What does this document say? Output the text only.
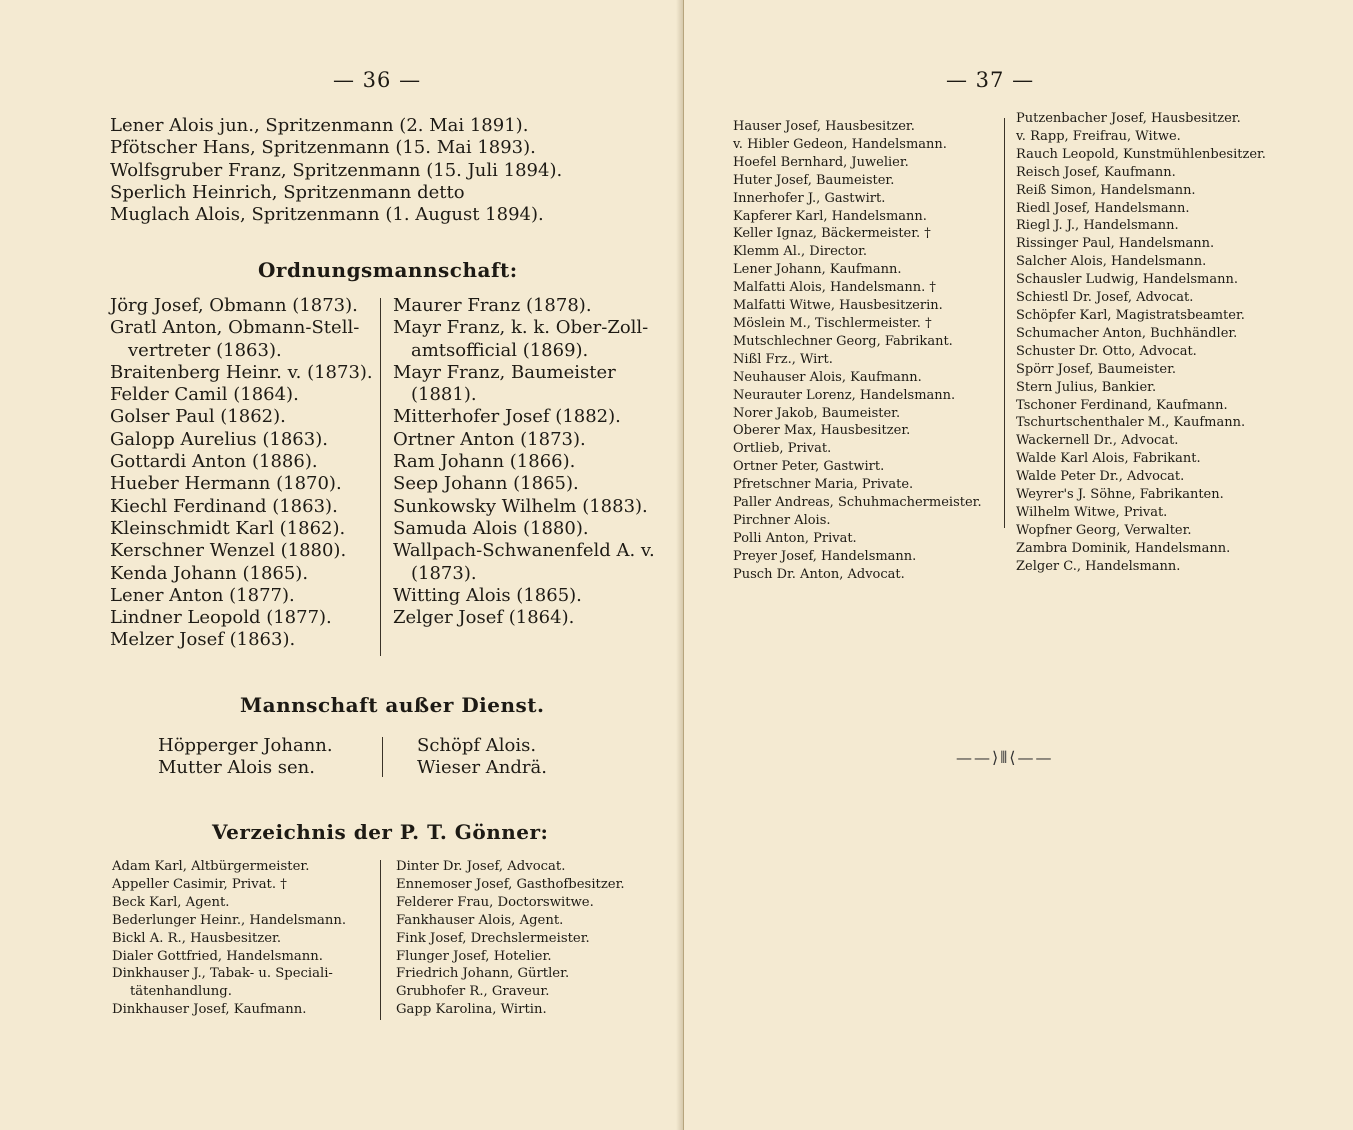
— 36 —
Lener Alois jun., Spritzenmann (2. Mai 1891).
Pfötscher Hans, Spritzenmann (15. Mai 1893).
Wolfsgruber Franz, Spritzenmann (15. Juli 1894).
Sperlich Heinrich, Spritzenmann detto
Muglach Alois, Spritzenmann (1. August 1894).
Ordnungsmannschaft:
Jörg Josef, Obmann (1873).
Gratl Anton, Obmann-Stell-
vertreter (1863).
Braitenberg Heinr. v. (1873).
Felder Camil (1864).
Golser Paul (1862).
Galopp Aurelius (1863).
Gottardi Anton (1886).
Hueber Hermann (1870).
Kiechl Ferdinand (1863).
Kleinschmidt Karl (1862).
Kerschner Wenzel (1880).
Kenda Johann (1865).
Lener Anton (1877).
Lindner Leopold (1877).
Melzer Josef (1863).
Maurer Franz (1878).
Mayr Franz, k. k. Ober-Zoll-
amtsofficial (1869).
Mayr Franz, Baumeister
(1881).
Mitterhofer Josef (1882).
Ortner Anton (1873).
Ram Johann (1866).
Seep Johann (1865).
Sunkowsky Wilhelm (1883).
Samuda Alois (1880).
Wallpach-Schwanenfeld A. v.
(1873).
Witting Alois (1865).
Zelger Josef (1864).
Mannschaft außer Dienst.
Höpperger Johann.
Mutter Alois sen.
Schöpf Alois.
Wieser Andrä.
Verzeichnis der P. T. Gönner:
Adam Karl, Altbürgermeister.
Appeller Casimir, Privat. †
Beck Karl, Agent.
Bederlunger Heinr., Handelsmann.
Bickl A. R., Hausbesitzer.
Dialer Gottfried, Handelsmann.
Dinkhauser J., Tabak- u. Speciali-
tätenhandlung.
Dinkhauser Josef, Kaufmann.
Dinter Dr. Josef, Advocat.
Ennemoser Josef, Gasthofbesitzer.
Felderer Frau, Doctorswitwe.
Fankhauser Alois, Agent.
Fink Josef, Drechslermeister.
Flunger Josef, Hotelier.
Friedrich Johann, Gürtler.
Grubhofer R., Graveur.
Gapp Karolina, Wirtin.
— 37 —
Hauser Josef, Hausbesitzer.
v. Hibler Gedeon, Handelsmann.
Hoefel Bernhard, Juwelier.
Huter Josef, Baumeister.
Innerhofer J., Gastwirt.
Kapferer Karl, Handelsmann.
Keller Ignaz, Bäckermeister. †
Klemm Al., Director.
Lener Johann, Kaufmann.
Malfatti Alois, Handelsmann. †
Malfatti Witwe, Hausbesitzerin.
Möslein M., Tischlermeister. †
Mutschlechner Georg, Fabrikant.
Nißl Frz., Wirt.
Neuhauser Alois, Kaufmann.
Neurauter Lorenz, Handelsmann.
Norer Jakob, Baumeister.
Oberer Max, Hausbesitzer.
Ortlieb, Privat.
Ortner Peter, Gastwirt.
Pfretschner Maria, Private.
Paller Andreas, Schuhmachermeister.
Pirchner Alois.
Polli Anton, Privat.
Preyer Josef, Handelsmann.
Pusch Dr. Anton, Advocat.
Putzenbacher Josef, Hausbesitzer.
v. Rapp, Freifrau, Witwe.
Rauch Leopold, Kunstmühlenbesitzer.
Reisch Josef, Kaufmann.
Reiß Simon, Handelsmann.
Riedl Josef, Handelsmann.
Riegl J. J., Handelsmann.
Rissinger Paul, Handelsmann.
Salcher Alois, Handelsmann.
Schausler Ludwig, Handelsmann.
Schiestl Dr. Josef, Advocat.
Schöpfer Karl, Magistratsbeamter.
Schumacher Anton, Buchhändler.
Schuster Dr. Otto, Advocat.
Spörr Josef, Baumeister.
Stern Julius, Bankier.
Tschoner Ferdinand, Kaufmann.
Tschurtschenthaler M., Kaufmann.
Wackernell Dr., Advocat.
Walde Karl Alois, Fabrikant.
Walde Peter Dr., Advocat.
Weyrer's J. Söhne, Fabrikanten.
Wilhelm Witwe, Privat.
Wopfner Georg, Verwalter.
Zambra Dominik, Handelsmann.
Zelger C., Handelsmann.
——⟩⦀⟨——
